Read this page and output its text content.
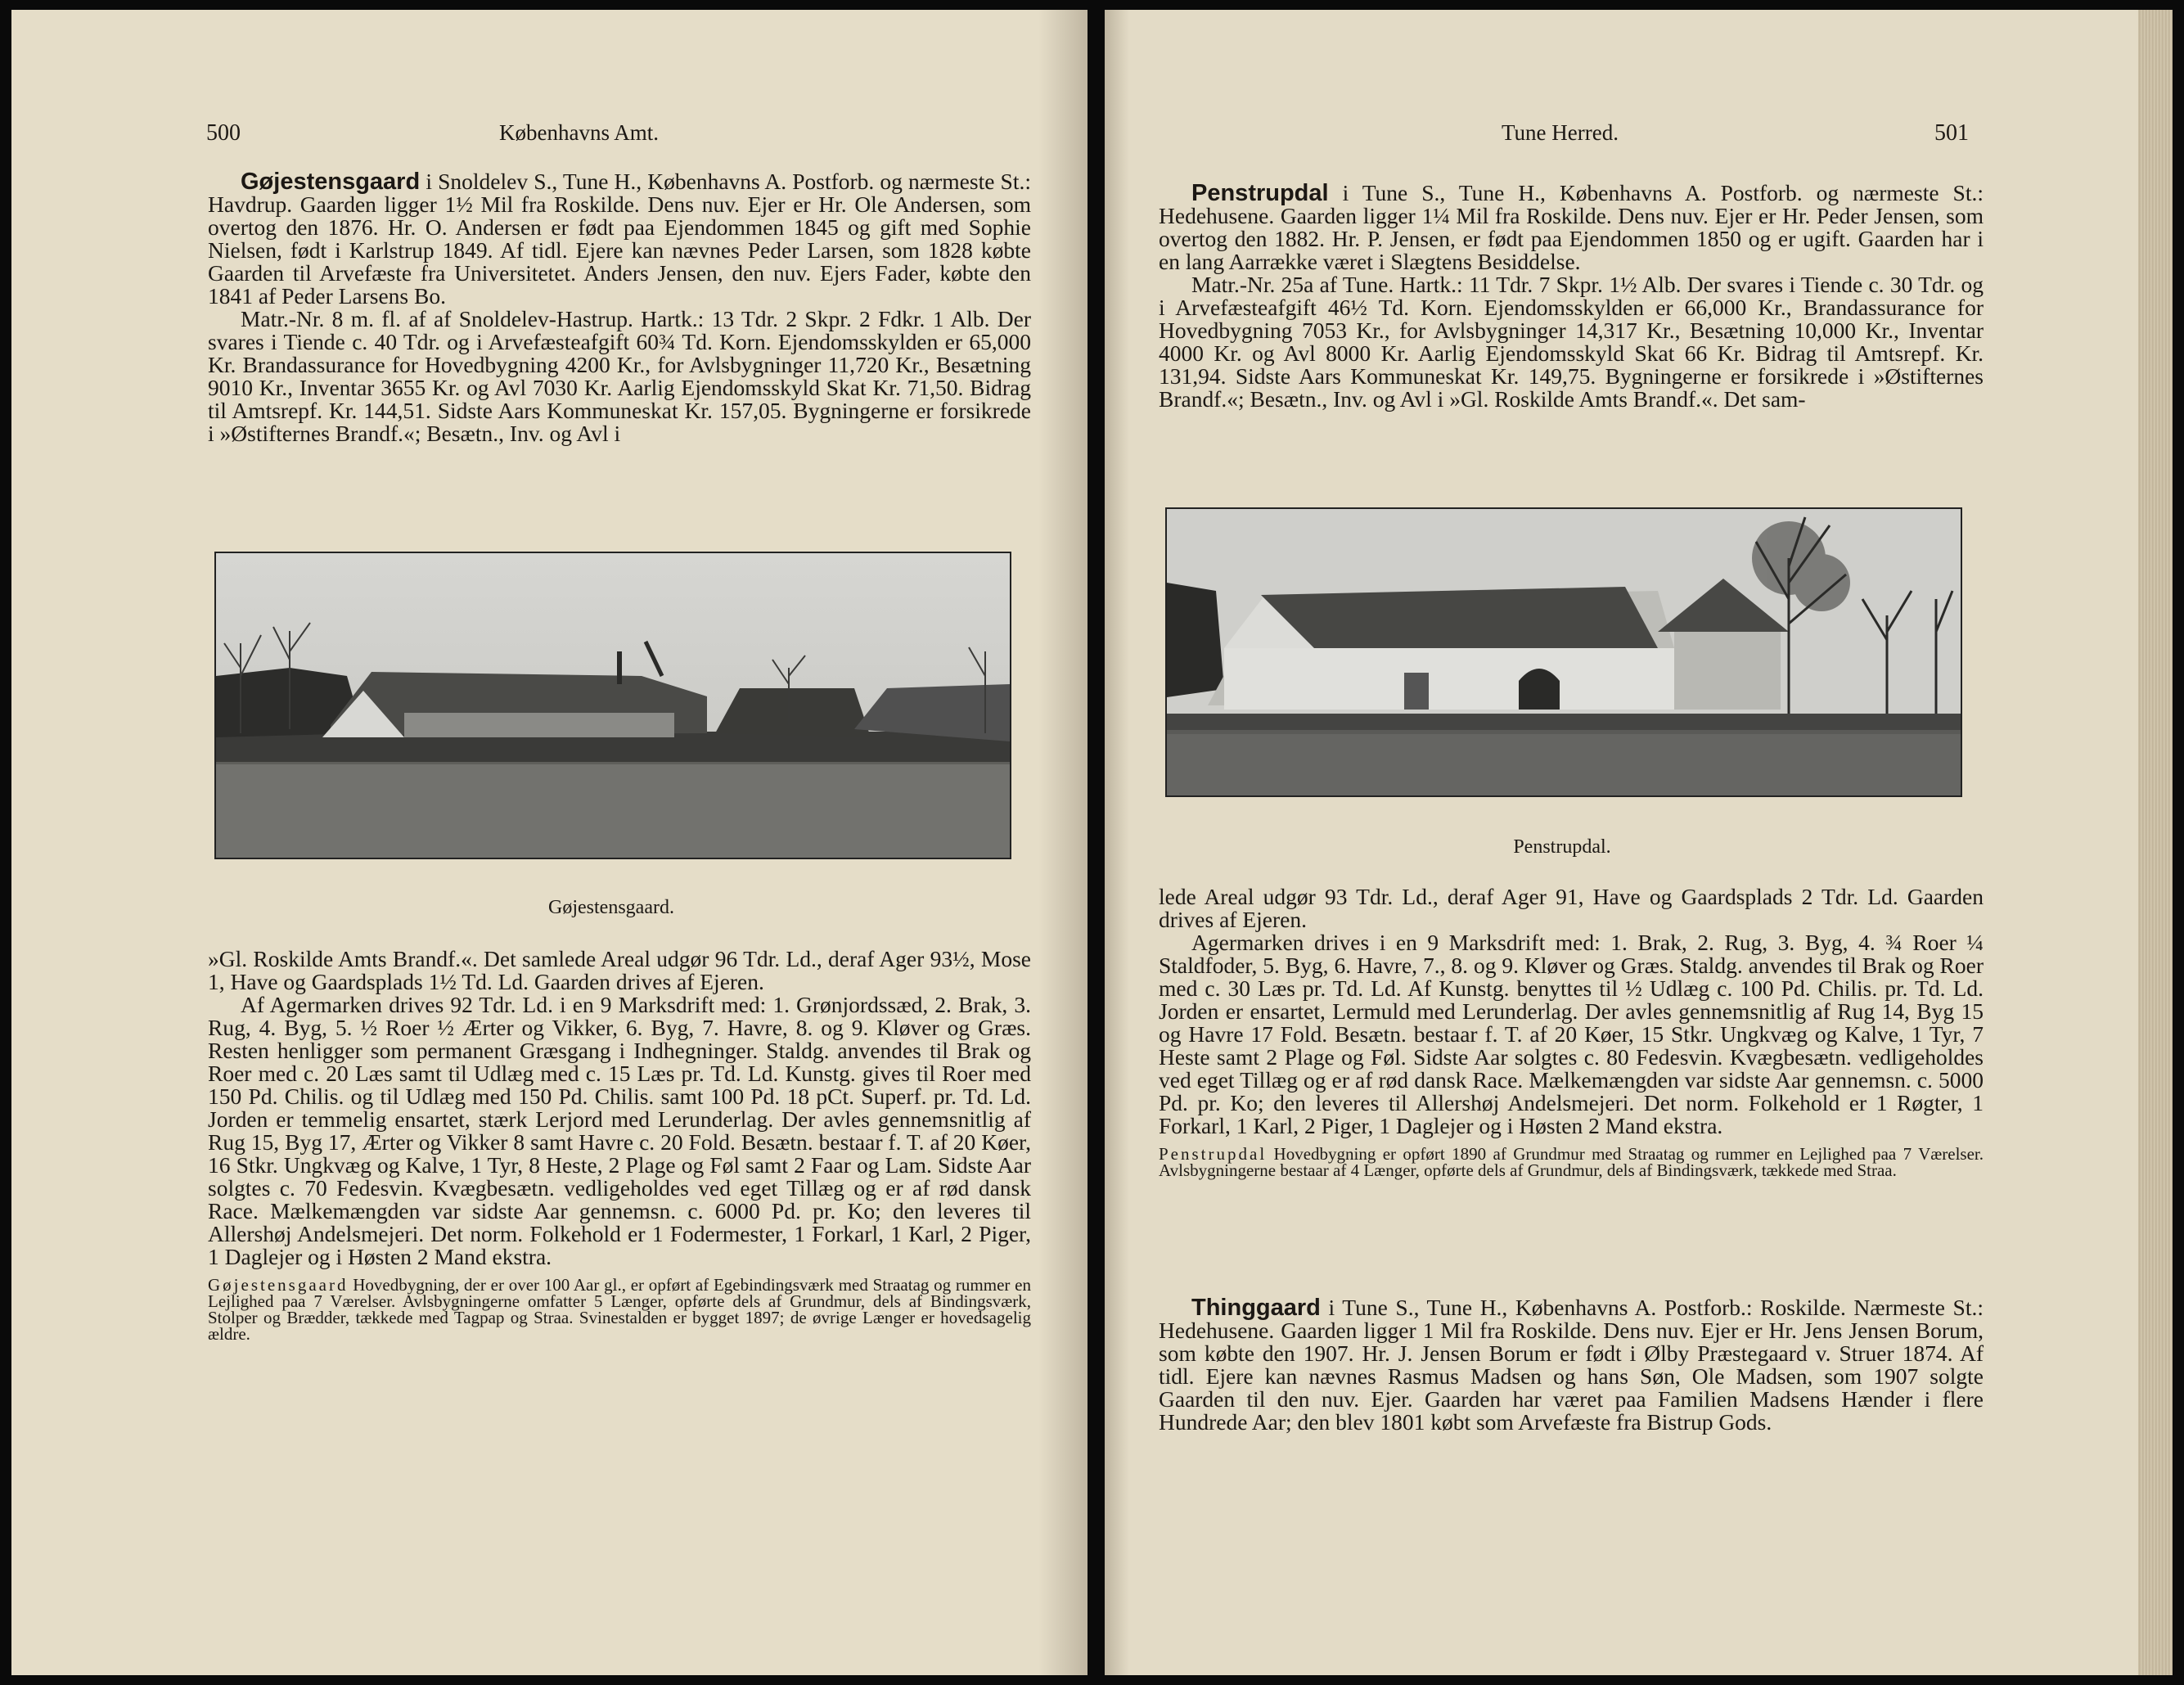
500	Københavns Amt.

Gøjestensgaard i Snoldelev S., Tune H., Københavns A. Postforb. og nærmeste St.: Havdrup. Gaarden ligger 1½ Mil fra Roskilde. Dens nuv. Ejer er Hr. Ole Andersen, som overtog den 1876. Hr. O. Andersen er født paa Ejendommen 1845 og gift med Sophie Nielsen, født i Karlstrup 1849. Af tidl. Ejere kan nævnes Peder Larsen, som 1828 købte Gaarden til Arvefæste fra Universitetet. Anders Jensen, den nuv. Ejers Fader, købte den 1841 af Peder Larsens Bo.

Matr.-Nr. 8 m. fl. af af Snoldelev-Hastrup. Hartk.: 13 Tdr. 2 Skpr. 2 Fdkr. 1 Alb. Der svares i Tiende c. 40 Tdr. og i Arvefæsteafgift 60¾ Td. Korn. Ejendomsskylden er 65,000 Kr. Brandassurance for Hovedbygning 4200 Kr., for Avlsbygninger 11,720 Kr., Besætning 9010 Kr., Inventar 3655 Kr. og Avl 7030 Kr. Aarlig Ejendomsskyld Skat Kr. 71,50. Bidrag til Amtsrepf. Kr. 144,51. Sidste Aars Kommuneskat Kr. 157,05. Bygningerne er forsikrede i »Østifternes Brandf.«; Besætn., Inv. og Avl i

Gøjestensgaard.

»Gl. Roskilde Amts Brandf.«. Det samlede Areal udgør 96 Tdr. Ld., deraf Ager 93½, Mose 1, Have og Gaardsplads 1½ Td. Ld. Gaarden drives af Ejeren.

Af Agermarken drives 92 Tdr. Ld. i en 9 Marksdrift med: 1. Grønjordssæd, 2. Brak, 3. Rug, 4. Byg, 5. ½ Roer ½ Ærter og Vikker, 6. Byg, 7. Havre, 8. og 9. Kløver og Græs. Resten henligger som permanent Græsgang i Indhegninger. Staldg. anvendes til Brak og Roer med c. 20 Læs samt til Udlæg med c. 15 Læs pr. Td. Ld. Kunstg. gives til Roer med 150 Pd. Chilis. og til Udlæg med 150 Pd. Chilis. samt 100 Pd. 18 pCt. Superf. pr. Td. Ld. Jorden er temmelig ensartet, stærk Lerjord med Lerunderlag. Der avles gennemsnitlig af Rug 15, Byg 17, Ærter og Vikker 8 samt Havre c. 20 Fold. Besætn. bestaar f. T. af 20 Køer, 16 Stkr. Ungkvæg og Kalve, 1 Tyr, 8 Heste, 2 Plage og Føl samt 2 Faar og Lam. Sidste Aar solgtes c. 70 Fedesvin. Kvægbesætn. vedligeholdes ved eget Tillæg og er af rød dansk Race. Mælkemængden var sidste Aar gennemsn. c. 6000 Pd. pr. Ko; den leveres til Allershøj Andelsmejeri. Det norm. Folkehold er 1 Fodermester, 1 Forkarl, 1 Karl, 2 Piger, 1 Daglejer og i Høsten 2 Mand ekstra.

Gøjestensgaard Hovedbygning, der er over 100 Aar gl., er opført af Egebindingsværk med Straatag og rummer en Lejlighed paa 7 Værelser. Avlsbygningerne omfatter 5 Længer, opførte dels af Grundmur, dels af Bindingsværk, Stolper og Brædder, tækkede med Tagpap og Straa. Svinestalden er bygget 1897; de øvrige Længer er hovedsagelig ældre.

Tune Herred.	501

Penstrupdal i Tune S., Tune H., Københavns A. Postforb. og nærmeste St.: Hedehusene. Gaarden ligger 1¼ Mil fra Roskilde. Dens nuv. Ejer er Hr. Peder Jensen, som overtog den 1882. Hr. P. Jensen, er født paa Ejendommen 1850 og er ugift. Gaarden har i en lang Aarrække været i Slægtens Besiddelse.

Matr.-Nr. 25a af Tune. Hartk.: 11 Tdr. 7 Skpr. 1½ Alb. Der svares i Tiende c. 30 Tdr. og i Arvefæsteafgift 46½ Td. Korn. Ejendomsskylden er 66,000 Kr., Brandassurance for Hovedbygning 7053 Kr., for Avlsbygninger 14,317 Kr., Besætning 10,000 Kr., Inventar 4000 Kr. og Avl 8000 Kr. Aarlig Ejendomsskyld Skat 66 Kr. Bidrag til Amtsrepf. Kr. 131,94. Sidste Aars Kommuneskat Kr. 149,75. Bygningerne er forsikrede i »Østifternes Brandf.«; Besætn., Inv. og Avl i »Gl. Roskilde Amts Brandf.«. Det sam-

Penstrupdal.

lede Areal udgør 93 Tdr. Ld., deraf Ager 91, Have og Gaardsplads 2 Tdr. Ld. Gaarden drives af Ejeren.

Agermarken drives i en 9 Marksdrift med: 1. Brak, 2. Rug, 3. Byg, 4. ¾ Roer ¼ Staldfoder, 5. Byg, 6. Havre, 7., 8. og 9. Kløver og Græs. Staldg. anvendes til Brak og Roer med c. 30 Læs pr. Td. Ld. Af Kunstg. benyttes til ½ Udlæg c. 100 Pd. Chilis. pr. Td. Ld. Jorden er ensartet, Lermuld med Lerunderlag. Der avles gennemsnitlig af Rug 14, Byg 15 og Havre 17 Fold. Besætn. bestaar f. T. af 20 Køer, 15 Stkr. Ungkvæg og Kalve, 1 Tyr, 7 Heste samt 2 Plage og Føl. Sidste Aar solgtes c. 80 Fedesvin. Kvægbesætn. vedligeholdes ved eget Tillæg og er af rød dansk Race. Mælkemængden var sidste Aar gennemsn. c. 5000 Pd. pr. Ko; den leveres til Allershøj Andelsmejeri. Det norm. Folkehold er 1 Røgter, 1 Forkarl, 1 Karl, 2 Piger, 1 Daglejer og i Høsten 2 Mand ekstra.

Penstrupdal Hovedbygning er opført 1890 af Grundmur med Straatag og rummer en Lejlighed paa 7 Værelser. Avlsbygningerne bestaar af 4 Længer, opførte dels af Grundmur, dels af Bindingsværk, tækkede med Straa.

Thinggaard i Tune S., Tune H., Københavns A. Postforb.: Roskilde. Nærmeste St.: Hedehusene. Gaarden ligger 1 Mil fra Roskilde. Dens nuv. Ejer er Hr. Jens Jensen Borum, som købte den 1907. Hr. J. Jensen Borum er født i Ølby Præstegaard v. Struer 1874. Af tidl. Ejere kan nævnes Rasmus Madsen og hans Søn, Ole Madsen, som 1907 solgte Gaarden til den nuv. Ejer. Gaarden har været paa Familien Madsens Hænder i flere Hundrede Aar; den blev 1801 købt som Arvefæste fra Bistrup Gods.
